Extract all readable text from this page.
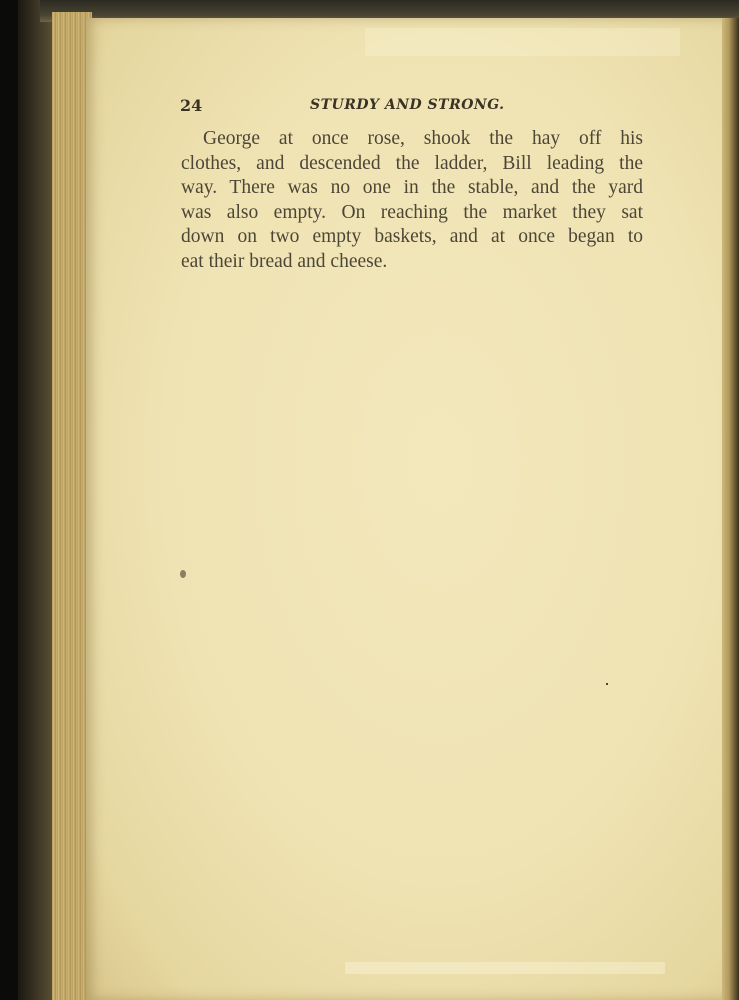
24	STURDY AND STRONG.
George at once rose, shook the hay off his
clothes, and descended the ladder, Bill leading the
way. There was no one in the stable, and the yard
was also empty. On reaching the market they sat
down on two empty baskets, and at once began to
eat their bread and cheese.
